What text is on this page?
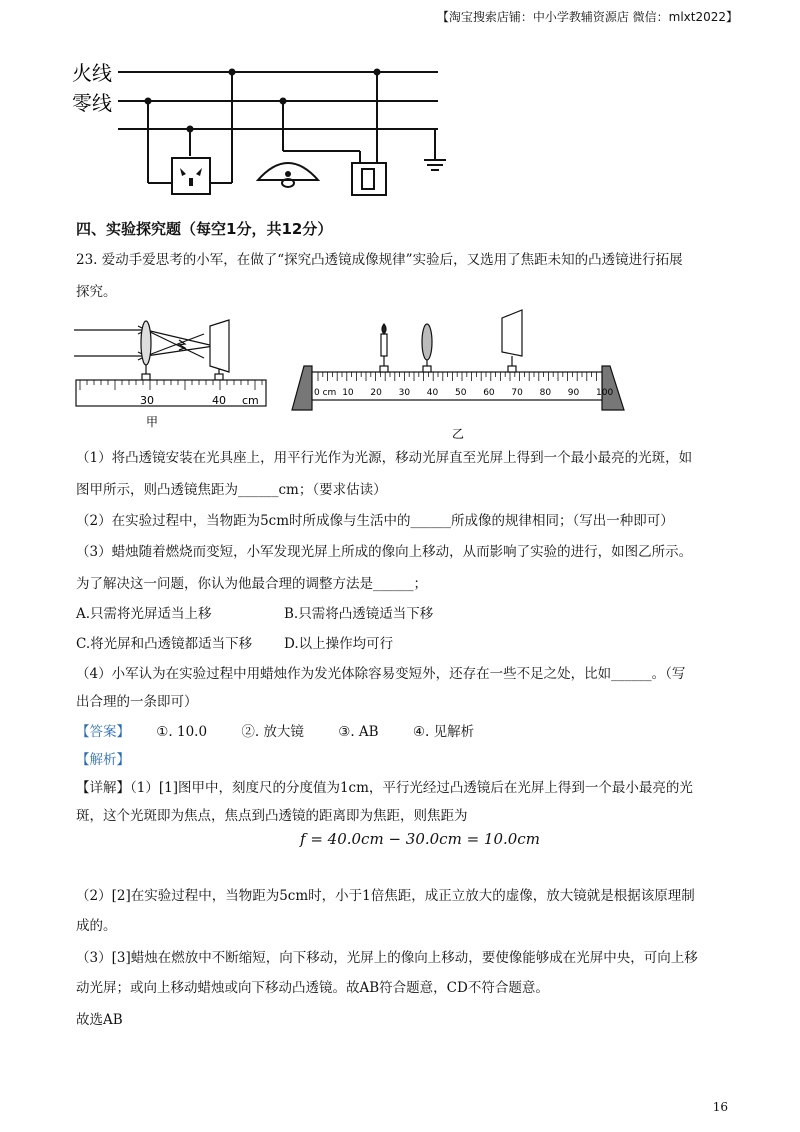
【淘宝搜索店铺：中小学教辅资源店 微信：mlxt2022】
火线
零线
四、实验探究题（每空1分，共12分）
23. 爱动手爱思考的小军，在做了“探究凸透镜成像规律”实验后，又选用了焦距未知的凸透镜进行拓展
探究。
30	40 cm
甲
0 cm 10 20 30 40 50 60 70 80 90 100
乙
（1）将凸透镜安装在光具座上，用平行光作为光源，移动光屏直至光屏上得到一个最小最亮的光斑，如
图甲所示，则凸透镜焦距为______cm；（要求估读）
（2）在实验过程中，当物距为5cm时所成像与生活中的______所成像的规律相同；（写出一种即可）
（3）蜡烛随着燃烧而变短，小军发现光屏上所成的像向上移动，从而影响了实验的进行，如图乙所示。
为了解决这一问题，你认为他最合理的调整方法是______；
A.只需将光屏适当上移	B.只需将凸透镜适当下移
C.将光屏和凸透镜都适当下移 D.以上操作均可行
（4）小军认为在实验过程中用蜡烛作为发光体除容易变短外，还存在一些不足之处，比如______。（写
出合理的一条即可）
【答案】 ①. 10.0	②. 放大镜	③. AB	④. 见解析
【解析】
【详解】（1）[1]图甲中，刻度尺的分度值为1cm，平行光经过凸透镜后在光屏上得到一个最小最亮的光
斑，这个光斑即为焦点，焦点到凸透镜的距离即为焦距，则焦距为
f = 40.0cm − 30.0cm = 10.0cm
（2）[2]在实验过程中，当物距为5cm时，小于1倍焦距，成正立放大的虚像，放大镜就是根据该原理制
成的。
（3）[3]蜡烛在燃放中不断缩短，向下移动，光屏上的像向上移动，要使像能够成在光屏中央，可向上移
动光屏；或向上移动蜡烛或向下移动凸透镜。故AB符合题意，CD不符合题意。
故选AB
16
